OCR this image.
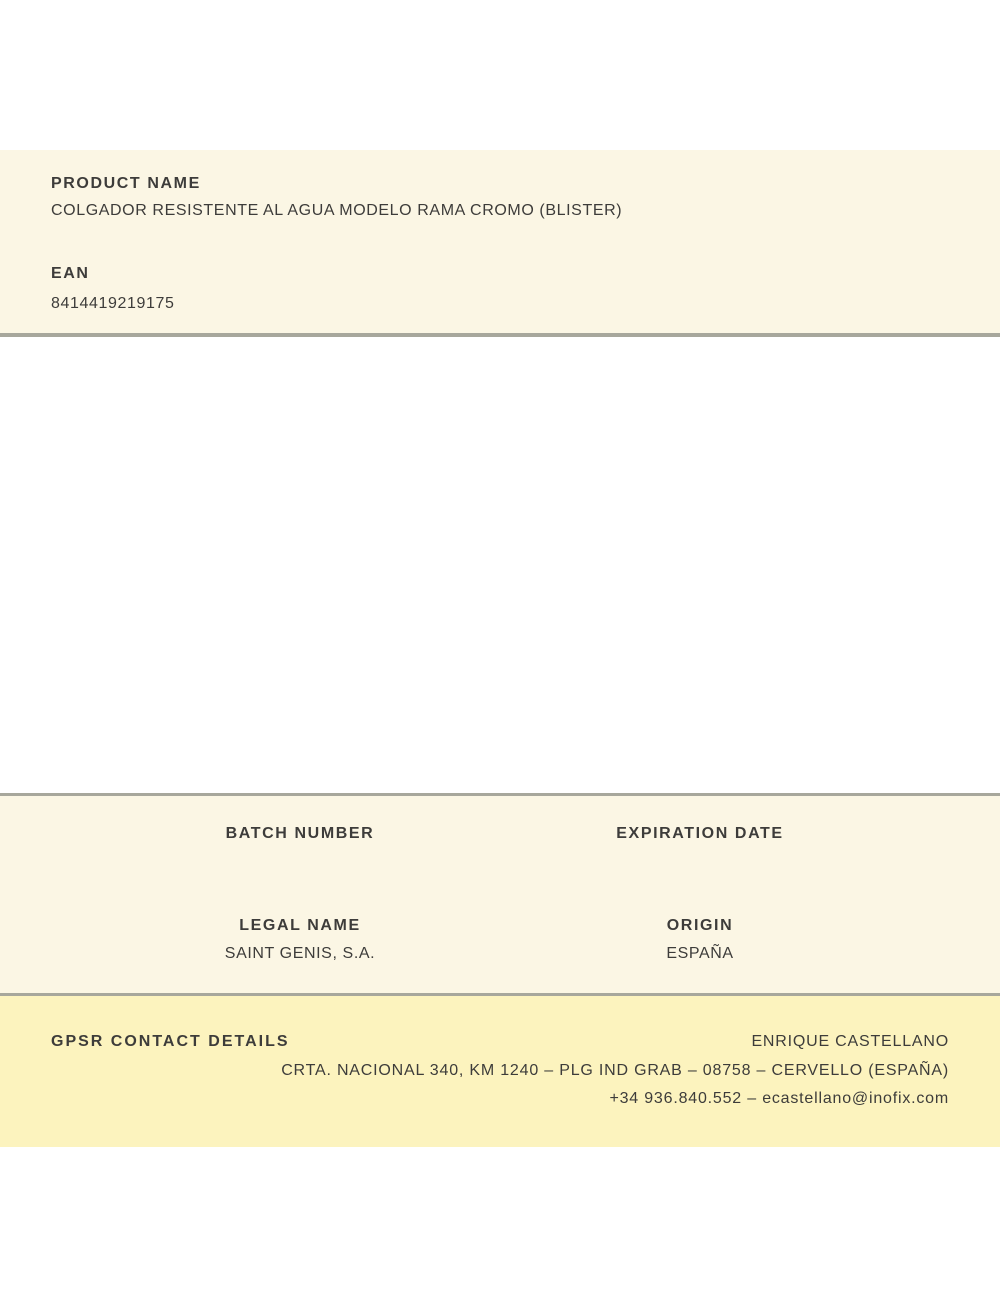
PRODUCT NAME
COLGADOR RESISTENTE AL AGUA MODELO RAMA CROMO (BLISTER)
EAN
8414419219175
BATCH NUMBER	EXPIRATION DATE
LEGAL NAME
SAINT GENIS, S.A.
ORIGIN
ESPAÑA
GPSR CONTACT DETAILS	ENRIQUE CASTELLANO
CRTA. NACIONAL 340, KM 1240 – PLG IND GRAB – 08758 – CERVELLO (ESPAÑA)
+34 936.840.552 – ecastellano@inofix.com
